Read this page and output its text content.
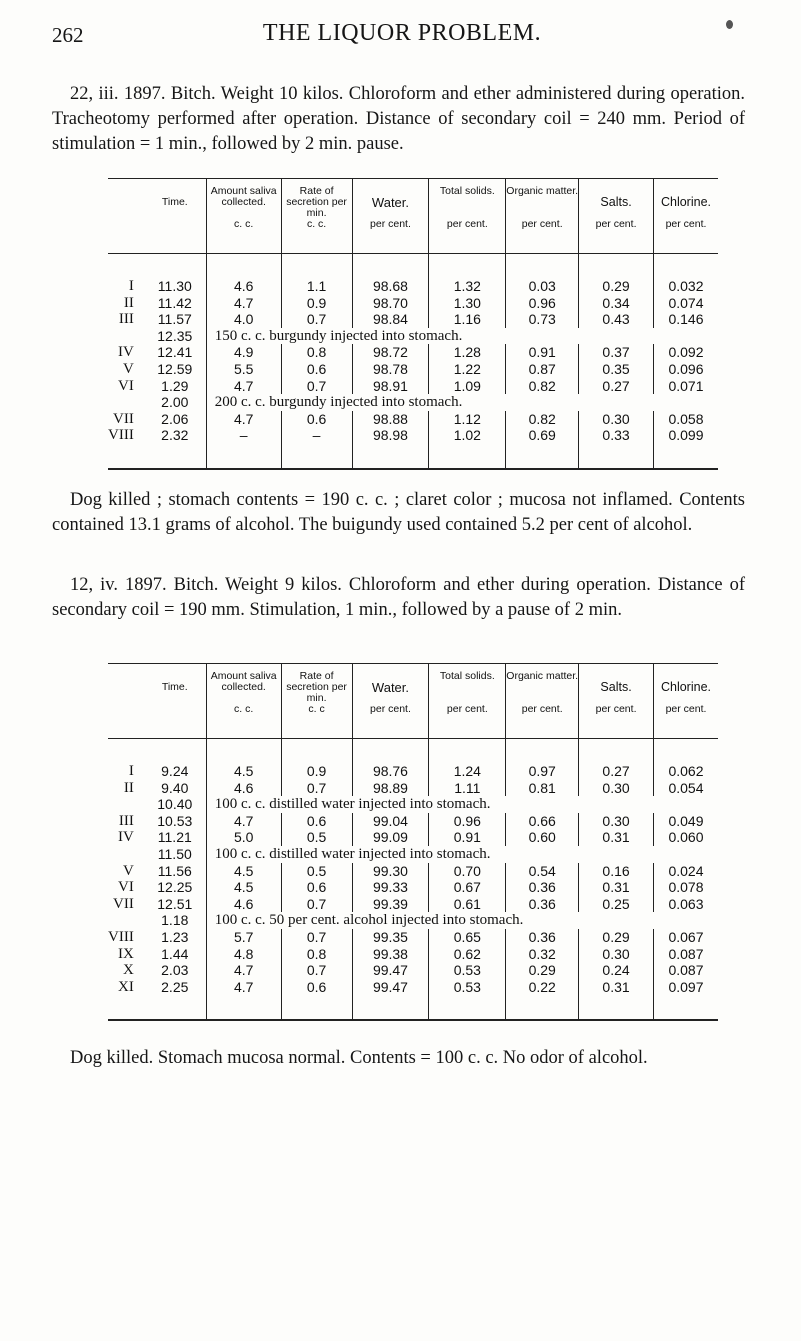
262	THE LIQUOR PROBLEM.

22, iii. 1897. Bitch. Weight 10 kilos. Chloroform and ether administered during operation. Tracheotomy performed after operation. Distance of secondary coil = 240 mm. Period of stimulation = 1 min., followed by 2 min. pause.

	Time.	Amount saliva collected.	Rate of secretion per min.	Water.	Total solids.	Organic matter.	Salts.	Chlorine.
		c. c.	c. c.	per cent.	per cent.	per cent.	per cent.	per cent.

I	11.30	4.6	1.1	98.68	1.32	0.03	0.29	0.032
II	11.42	4.7	0.9	98.70	1.30	0.96	0.34	0.074
III	11.57	4.0	0.7	98.84	1.16	0.73	0.43	0.146
	12.35	150 c. c. burgundy injected into stomach.						
IV	12.41	4.9	0.8	98.72	1.28	0.91	0.37	0.092
V	12.59	5.5	0.6	98.78	1.22	0.87	0.35	0.096
VI	1.29	4.7	0.7	98.91	1.09	0.82	0.27	0.071
	2.00	200 c. c. burgundy injected into stomach.						
VII	2.06	4.7	0.6	98.88	1.12	0.82	0.30	0.058
VIII	2.32	–	–	98.98	1.02	0.69	0.33	0.099

Dog killed ; stomach contents = 190 c. c. ; claret color ; mucosa not inflamed. Contents contained 13.1 grams of alcohol. The buigundy used contained 5.2 per cent of alcohol.

12, iv. 1897. Bitch. Weight 9 kilos. Chloroform and ether during operation. Distance of secondary coil = 190 mm. Stimulation, 1 min., followed by a pause of 2 min.

	Time.	Amount saliva collected.	Rate of secretion per min.	Water.	Total solids.	Organic matter.	Salts.	Chlorine.
		c. c.	c. c	per cent.	per cent.	per cent.	per cent.	per cent.

I	9.24	4.5	0.9	98.76	1.24	0.97	0.27	0.062
II	9.40	4.6	0.7	98.89	1.11	0.81	0.30	0.054
	10.40	100 c. c. distilled water injected into stomach.						
III	10.53	4.7	0.6	99.04	0.96	0.66	0.30	0.049
IV	11.21	5.0	0.5	99.09	0.91	0.60	0.31	0.060
	11.50	100 c. c. distilled water injected into stomach.						
V	11.56	4.5	0.5	99.30	0.70	0.54	0.16	0.024
VI	12.25	4.5	0.6	99.33	0.67	0.36	0.31	0.078
VII	12.51	4.6	0.7	99.39	0.61	0.36	0.25	0.063
	1.18	100 c. c. 50 per cent. alcohol injected into stomach.						
VIII	1.23	5.7	0.7	99.35	0.65	0.36	0.29	0.067
IX	1.44	4.8	0.8	99.38	0.62	0.32	0.30	0.087
X	2.03	4.7	0.7	99.47	0.53	0.29	0.24	0.087
XI	2.25	4.7	0.6	99.47	0.53	0.22	0.31	0.097

Dog killed. Stomach mucosa normal. Contents = 100 c. c. No odor of alcohol.
